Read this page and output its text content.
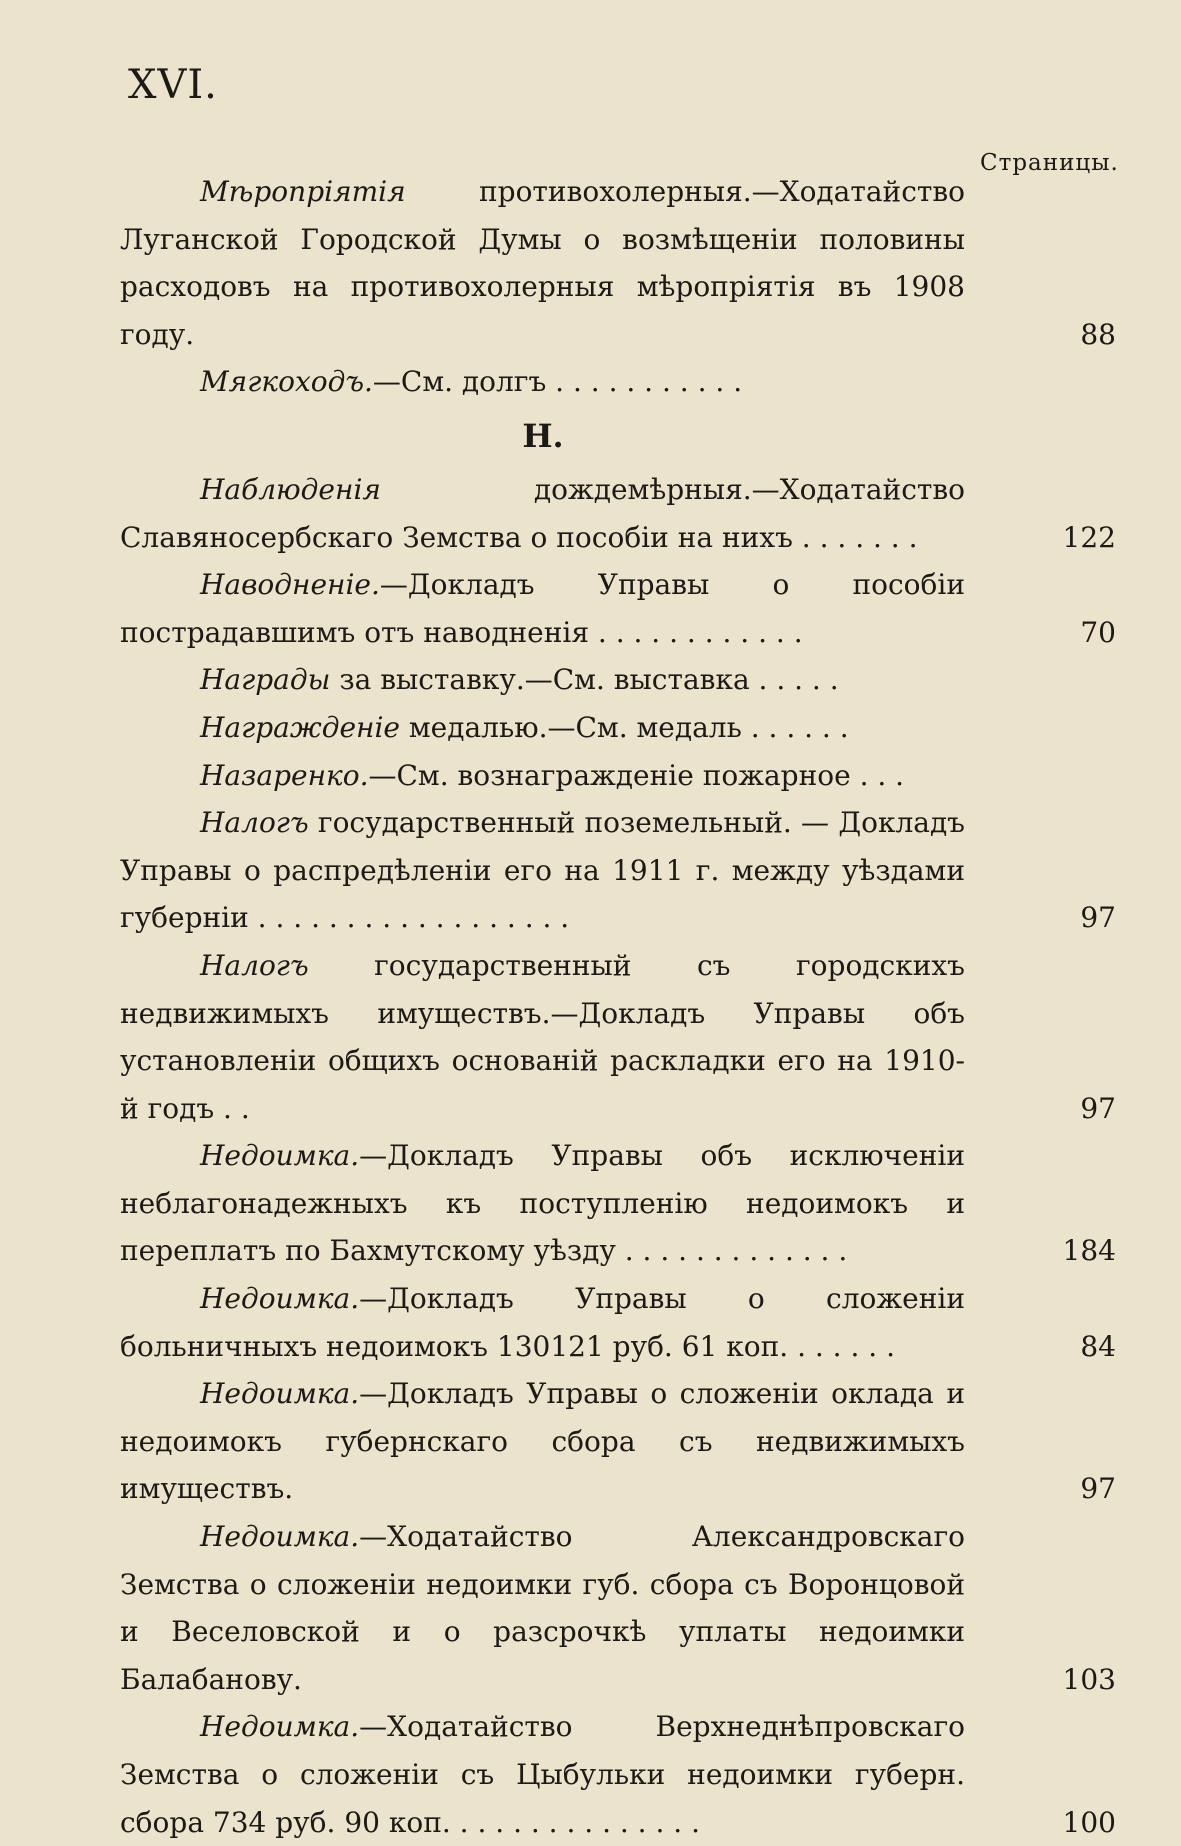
XVI.
Страницы.
Мѣропріятія противохолерныя.—Ходатайство Луганской Городской Думы о возмѣщеніи половины расходовъ на противохолерныя мѣропріятія въ 1908 году.	88
Мягкоходъ.—См. долгъ . . . . . . . . . . .
Н.
Наблюденія дождемѣрныя.—Ходатайство Славяносербскаго Земства о пособіи на нихъ . . . . . . .	122
Наводненіе.—Докладъ Управы о пособіи пострадавшимъ отъ наводненія . . . . . . . . . . . .	70
Награды за выставку.—См. выставка . . . . .
Награжденіе медалью.—См. медаль . . . . . .
Назаренко.—См. вознагражденіе пожарное . . .
Налогъ государственный поземельный. — Докладъ Управы о распредѣленіи его на 1911 г. между уѣздами губерніи . . . . . . . . . . . . . . . . . .	97
Налогъ государственный съ городскихъ недвижимыхъ имуществъ.—Докладъ Управы объ установленіи общихъ основаній раскладки его на 1910-й годъ . .	97
Недоимка.—Докладъ Управы объ исключеніи неблагонадежныхъ къ поступленію недоимокъ и переплатъ по Бахмутскому уѣзду . . . . . . . . . . . . .	184
Недоимка.—Докладъ Управы о сложеніи больничныхъ недоимокъ 130121 руб. 61 коп. . . . . . .	84
Недоимка.—Докладъ Управы о сложеніи оклада и недоимокъ губернскаго сбора съ недвижимыхъ имуществъ.	97
Недоимка.—Ходатайство Александровскаго Земства о сложеніи недоимки губ. сбора съ Воронцовой и Веселовской и о разсрочкѣ уплаты недоимки Балабанову.	103
Недоимка.—Ходатайство Верхнеднѣпровскаго Земства о сложеніи съ Цыбульки недоимки губерн. сбора 734 руб. 90 коп. . . . . . . . . . . . . . .	100
